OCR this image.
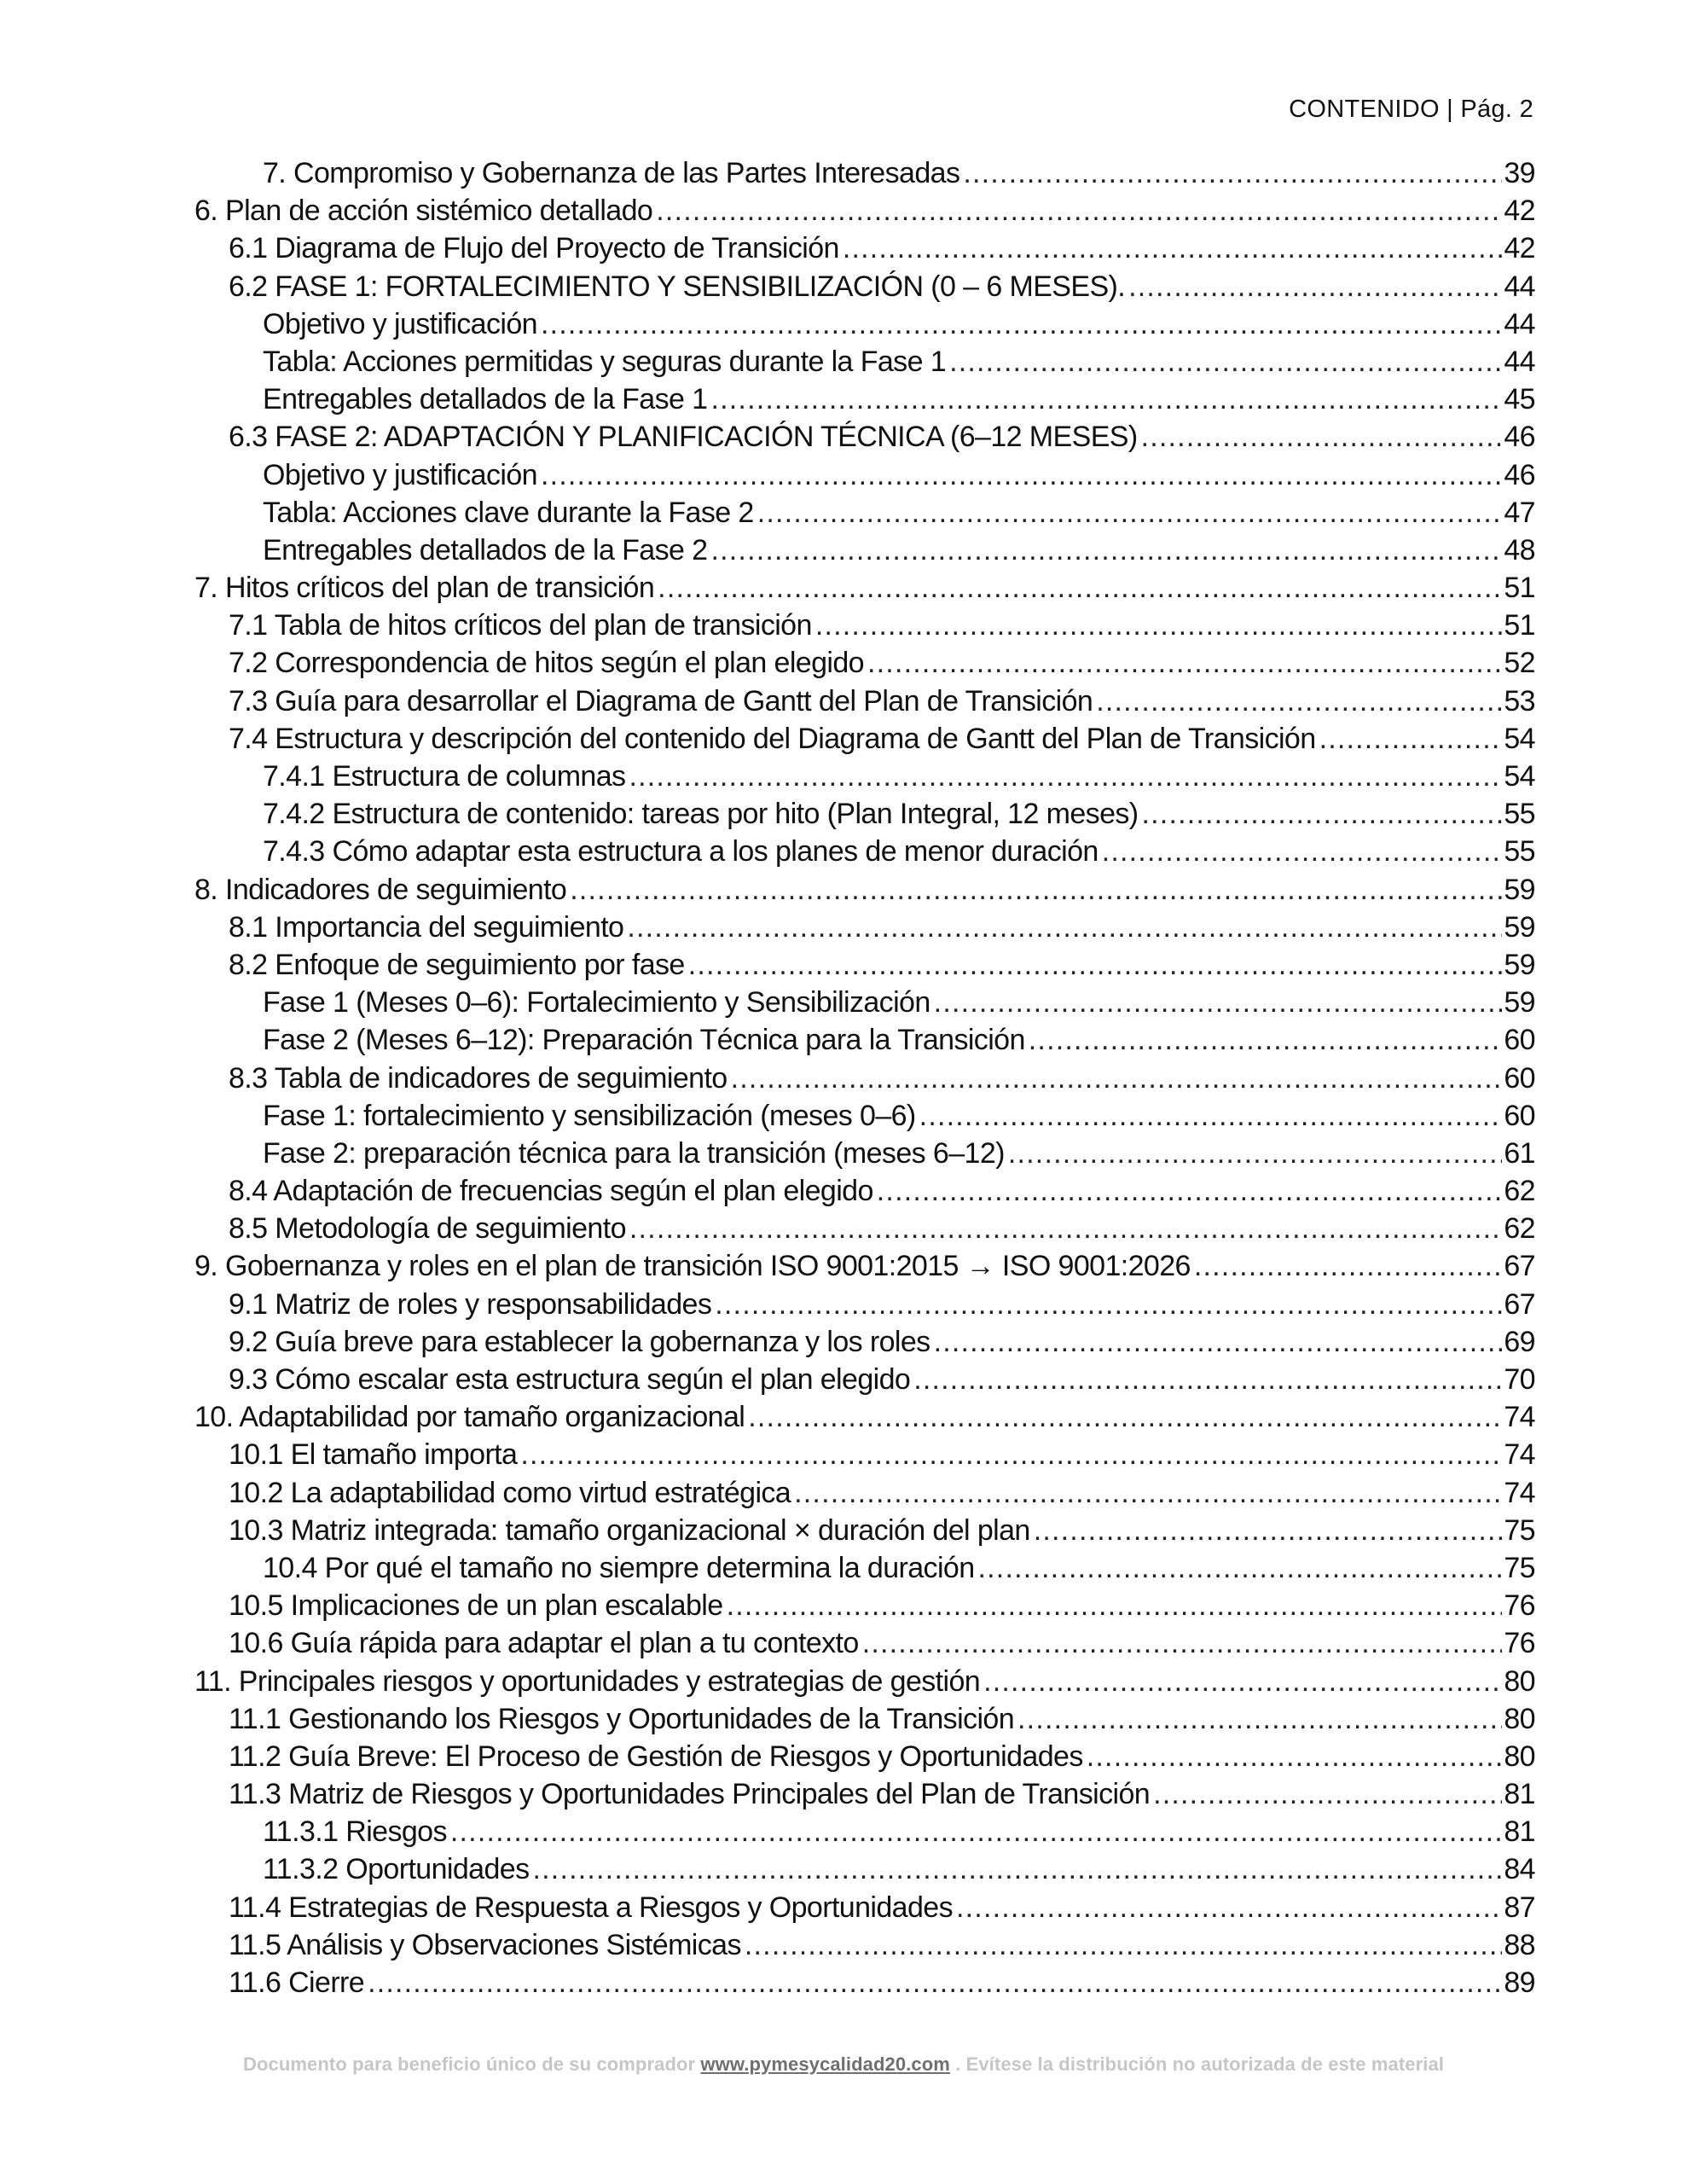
CONTENIDO | Pág. 2
7. Compromiso y Gobernanza de las Partes Interesadas .....	39
6. Plan de acción sistémico detallado .....	42
6.1 Diagrama de Flujo del Proyecto de Transición .....	42
6.2 FASE 1: FORTALECIMIENTO Y SENSIBILIZACIÓN (0 – 6 MESES). .....	44
Objetivo y justificación .....	44
Tabla: Acciones permitidas y seguras durante la Fase 1 .....	44
Entregables detallados de la Fase 1 .....	45
6.3 FASE 2: ADAPTACIÓN Y PLANIFICACIÓN TÉCNICA (6–12 MESES) .....	46
Objetivo y justificación .....	46
Tabla: Acciones clave durante la Fase 2 .....	47
Entregables detallados de la Fase 2 .....	48
7. Hitos críticos del plan de transición .....	51
7.1 Tabla de hitos críticos del plan de transición .....	51
7.2 Correspondencia de hitos según el plan elegido .....	52
7.3 Guía para desarrollar el Diagrama de Gantt del Plan de Transición .....	53
7.4 Estructura y descripción del contenido del Diagrama de Gantt del Plan de Transición .....	54
7.4.1 Estructura de columnas .....	54
7.4.2 Estructura de contenido: tareas por hito (Plan Integral, 12 meses) .....	55
7.4.3 Cómo adaptar esta estructura a los planes de menor duración .....	55
8. Indicadores de seguimiento .....	59
8.1 Importancia del seguimiento .....	59
8.2 Enfoque de seguimiento por fase .....	59
Fase 1 (Meses 0–6): Fortalecimiento y Sensibilización .....	59
Fase 2 (Meses 6–12): Preparación Técnica para la Transición .....	60
8.3 Tabla de indicadores de seguimiento .....	60
Fase 1: fortalecimiento y sensibilización (meses 0–6) .....	60
Fase 2: preparación técnica para la transición (meses 6–12) .....	61
8.4 Adaptación de frecuencias según el plan elegido .....	62
8.5 Metodología de seguimiento .....	62
9. Gobernanza y roles en el plan de transición ISO 9001:2015 → ISO 9001:2026 .....	67
9.1 Matriz de roles y responsabilidades .....	67
9.2 Guía breve para establecer la gobernanza y los roles .....	69
9.3 Cómo escalar esta estructura según el plan elegido .....	70
10. Adaptabilidad por tamaño organizacional .....	74
10.1 El tamaño importa .....	74
10.2 La adaptabilidad como virtud estratégica .....	74
10.3 Matriz integrada: tamaño organizacional × duración del plan .....	75
10.4 Por qué el tamaño no siempre determina la duración .....	75
10.5 Implicaciones de un plan escalable .....	76
10.6 Guía rápida para adaptar el plan a tu contexto .....	76
11. Principales riesgos y oportunidades y estrategias de gestión .....	80
11.1 Gestionando los Riesgos y Oportunidades de la Transición .....	80
11.2 Guía Breve: El Proceso de Gestión de Riesgos y Oportunidades .....	80
11.3 Matriz de Riesgos y Oportunidades Principales del Plan de Transición .....	81
11.3.1 Riesgos .....	81
11.3.2 Oportunidades .....	84
11.4 Estrategias de Respuesta a Riesgos y Oportunidades .....	87
11.5 Análisis y Observaciones Sistémicas .....	88
11.6 Cierre .....	89
Documento para beneficio único de su comprador www.pymesycalidad20.com . Evítese la distribución no autorizada de este material
